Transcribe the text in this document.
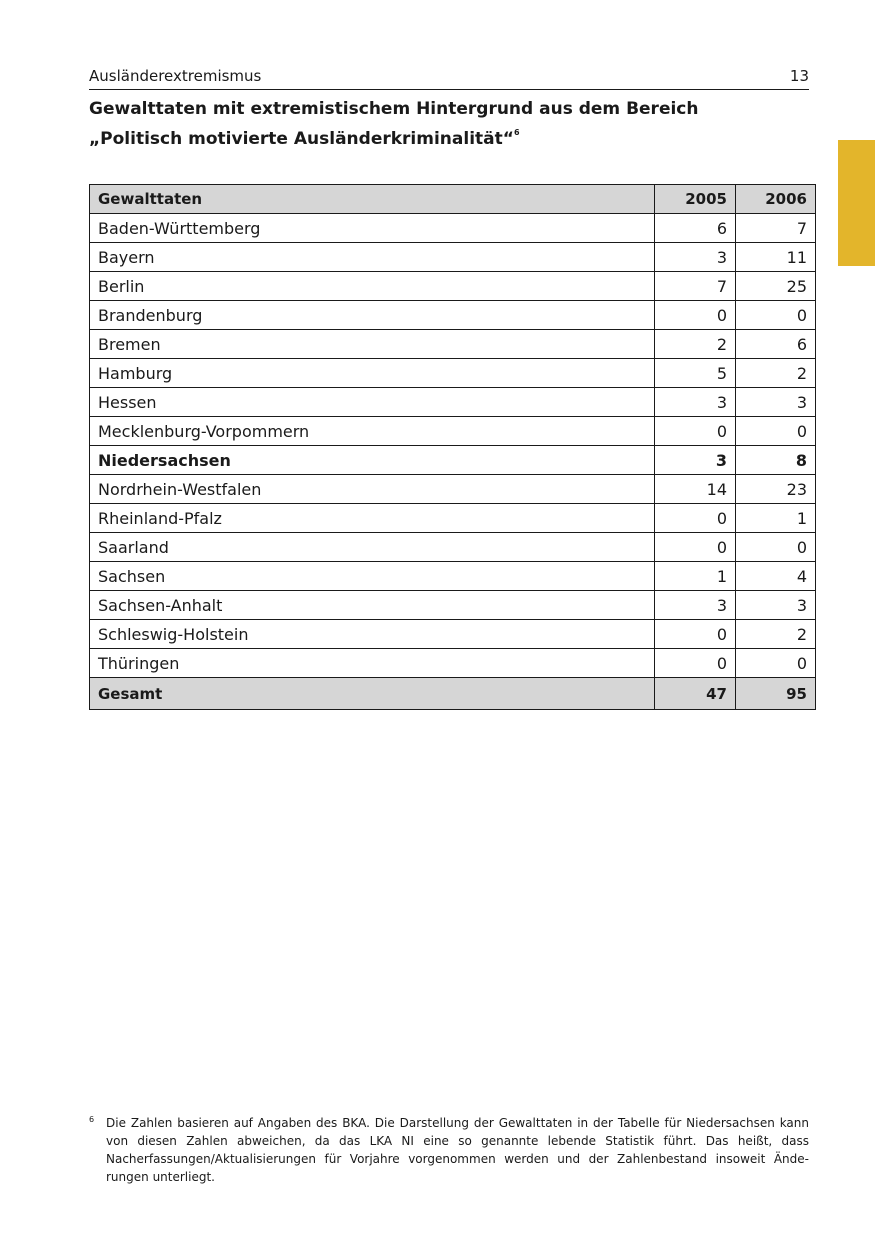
Ausländerextremismus	13
Gewalttaten mit extremistischem Hintergrund aus dem Bereich
„Politisch motivierte Ausländerkriminalität“$^6$
Gewalttaten	2005	2006
Baden-Württemberg	6	7
Bayern	3	11
Berlin	7	25
Brandenburg	0	0
Bremen	2	6
Hamburg	5	2
Hessen	3	3
Mecklenburg-Vorpommern	0	0
Niedersachsen	3	8
Nordrhein-Westfalen	14	23
Rheinland-Pfalz	0	1
Saarland	0	0
Sachsen	1	4
Sachsen-Anhalt	3	3
Schleswig-Holstein	0	2
Thüringen	0	0
Gesamt	47	95
6 Die Zahlen basieren auf Angaben des BKA. Die Darstellung der Gewalttaten in der Tabelle für Niedersachsen kann von diesen Zahlen abweichen, da das LKA NI eine so genannte lebende Statistik führt. Das heißt, dass Nacherfassungen/Aktualisierungen für Vorjahre vorgenommen werden und der Zahlenbestand insoweit Ände-rungen unterliegt.
